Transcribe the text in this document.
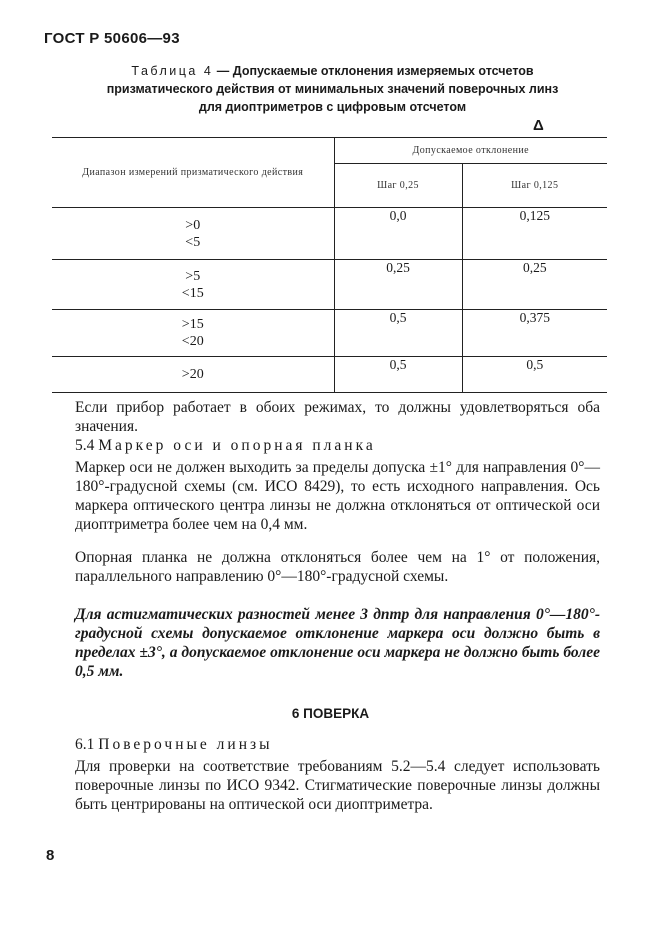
ГОСТ Р 50606—93
Таблица 4 — Допускаемые отклонения измеряемых отсчетов
призматического действия от минимальных значений поверочных линз
для диоптриметров с цифровым отсчетом
Δ
Диапазон измерений призматического действия	Допускаемое отклонение	
	Шаг 0,25	Шаг 0,125

>0
<5	0,0	0,125

>5
<15	0,25	0,25

>15
<20	0,5	0,375

>20	0,5	0,5

Если прибор работает в обоих режимах, то должны удовлетворяться оба значения.

5.4 Маркер оси и опорная планка

Маркер оси не должен выходить за пределы допуска ±1° для направления 0°—180°-градусной схемы (см. ИСО 8429), то есть исходного направления. Ось маркера оптического центра линзы не должна отклоняться от оптической оси диоптриметра более чем на 0,4 мм.

Опорная планка не должна отклоняться более чем на 1° от положения, параллельного направлению 0°—180°-градусной схемы.

Для астигматических разностей менее 3 дптр для направления 0°—180°-градусной схемы допускаемое отклонение маркера оси должно быть в пределах ±3°, а допускаемое отклонение оси маркера не должно быть более 0,5 мм.

6 ПОВЕРКА

6.1 Поверочные линзы

Для проверки на соответствие требованиям 5.2—5.4 следует использовать поверочные линзы по ИСО 9342. Стигматические поверочные линзы должны быть центрированы на оптической оси диоптриметра.

8
